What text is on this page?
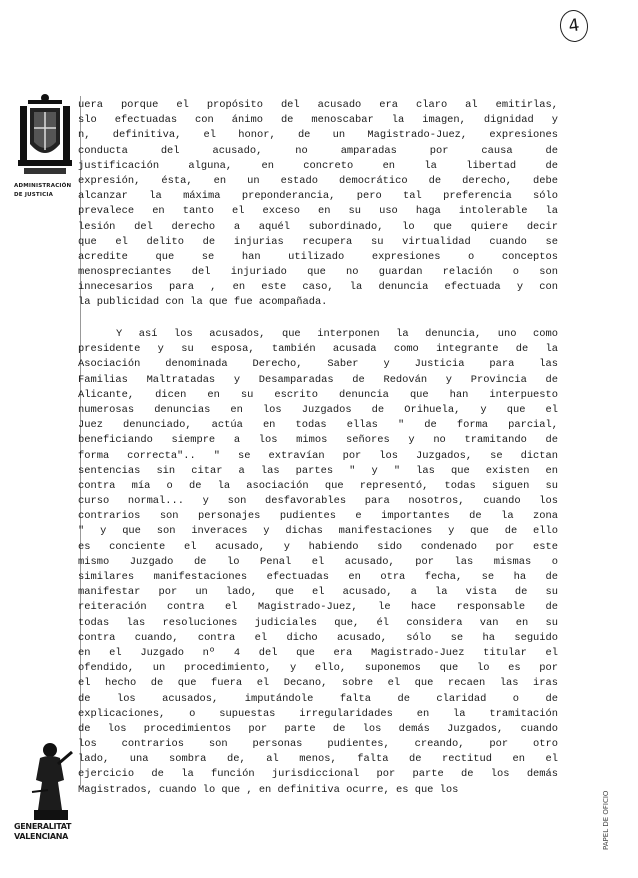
4
ADMINISTRACIÓN
DE JUSTICIA
GENERALITAT
VALENCIANA	PAPEL DE OFICIO
uera porque el propósito del acusado era claro al emitirlas,
slo efectuadas con ánimo de menoscabar la imagen, dignidad y
n, definitiva, el honor, de un Magistrado-Juez, expresiones
conducta del acusado, no amparadas por causa de
justificación alguna, en concreto en la libertad de
expresión, ésta, en un estado democrático de derecho, debe
alcanzar la máxima preponderancia, pero tal preferencia sólo
prevalece en tanto el exceso en su uso haga intolerable la
lesión del derecho a aquél subordinado, lo que quiere decir
que el delito de injurias recupera su virtualidad cuando se
acredite que se han utilizado expresiones o conceptos
menospreciantes del injuriado que no guardan relación o son
innecesarios para , en este caso, la denuncia efectuada y con
la publicidad con la que fue acompañada.
Y así los acusados, que interponen la denuncia, uno como
presidente y su esposa, también acusada como integrante de la
Asociación denominada Derecho, Saber y Justicia para las
Familias Maltratadas y Desamparadas de Redován y Provincia de
Alicante, dicen en su escrito denuncia que han interpuesto
numerosas denuncias en los Juzgados de Orihuela, y que el
Juez denunciado, actúa en todas ellas " de forma parcial,
beneficiando siempre a los mimos señores y no tramitando de
forma correcta".. " se extravían por los Juzgados, se dictan
sentencias sin citar a las partes " y " las que existen en
contra mía o de la asociación que representó, todas siguen su
curso normal... y son desfavorables para nosotros, cuando los
contrarios son personajes pudientes e importantes de la zona
" y que son inveraces y dichas manifestaciones y que de ello
es conciente el acusado, y habiendo sido condenado por este
mismo Juzgado de lo Penal el acusado, por las mismas o
similares manifestaciones efectuadas en otra fecha, se ha de
manifestar por un lado, que el acusado, a la vista de su
reiteración contra el Magistrado-Juez, le hace responsable de
todas las resoluciones judiciales que, él considera van en su
contra cuando, contra el dicho acusado, sólo se ha seguido
en el Juzgado nº 4 del que era Magistrado-Juez titular el
ofendido, un procedimiento, y ello, suponemos que lo es por
el hecho de que fuera el Decano, sobre el que recaen las iras
de los acusados, imputándole falta de claridad o de
explicaciones, o supuestas irregularidades en la tramitación
de los procedimientos por parte de los demás Juzgados, cuando
los contrarios son personas pudientes, creando, por otro
lado, una sombra de, al menos, falta de rectitud en el
ejercicio de la función jurisdiccional por parte de los demás
Magistrados, cuando lo que , en definitiva ocurre, es que los
